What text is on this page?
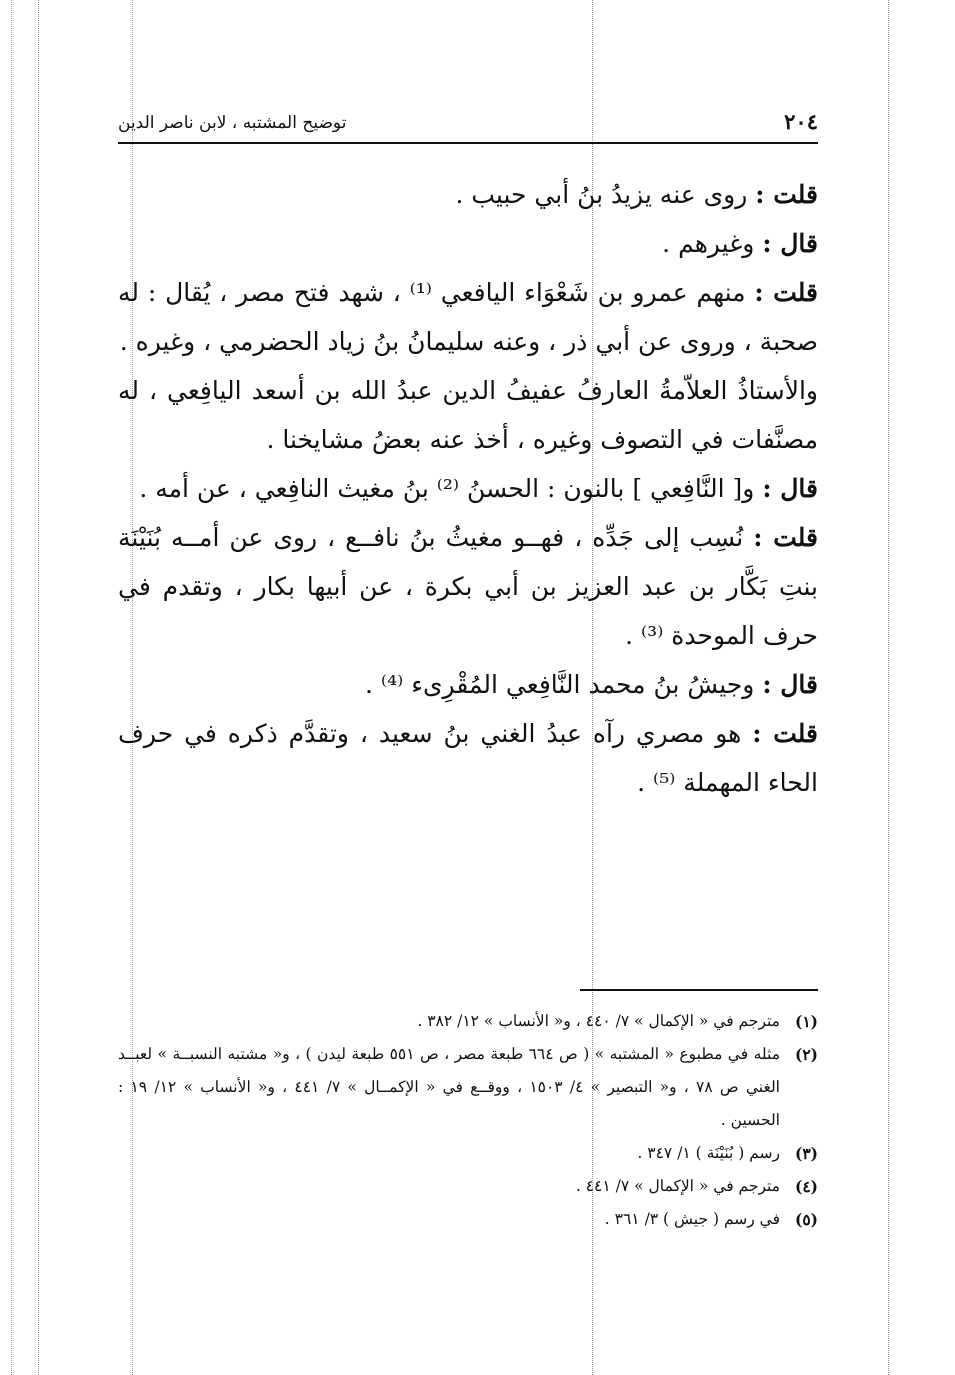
٢٠٤
توضيح المشتبه ، لابن ناصر الدين

قلت : روى عنه يزيدُ بنُ أبي حبيب .

قال : وغيرهم .

قلت : منهم عمرو بن شَعْوَاء اليافعي ⁽¹⁾ ، شهد فتح مصر ، يُقال : له صحبة ، وروى عن أبي ذر ، وعنه سليمانُ بنُ زياد الحضرمي ، وغيره .

والأستاذُ العلاّمةُ العارفُ عفيفُ الدين عبدُ الله بن أسعد اليافِعي ، له مصنَّفات في التصوف وغيره ، أخذ عنه بعضُ مشايخنا .

قال : و[ النَّافِعي ] بالنون : الحسنُ ⁽²⁾ بنُ مغيث النافِعي ، عن أمه .

قلت : نُسِب إلى جَدِّه ، فهــو مغيثُ بنُ نافــع ، روى عن أمــه بُنَيْنَة بنتِ بَكَّار بن عبد العزيز بن أبي بكرة ، عن أبيها بكار ، وتقدم في حرف الموحدة ⁽³⁾ .

قال : وجيشُ بنُ محمد النَّافِعي المُقْرِىء ⁽⁴⁾ .

قلت : هو مصري رآه عبدُ الغني بنُ سعيد ، وتقدَّم ذكره في حرف الحاء المهملة ⁽⁵⁾ .

(١)
مترجم في « الإكمال » ٧/ ٤٤٠ ، و« الأنساب » ١٢/ ٣٨٢ .

(٢)
مثله في مطبوع « المشتبه » ( ص ٦٦٤ طبعة مصر ، ص ٥٥١ طبعة ليدن ) ، و« مشتبه النسبــة » لعبــد الغني ص ٧٨ ، و« التبصير » ٤/ ١٥٠٣ ، ووقــع في « الإكمــال » ٧/ ٤٤١ ، و« الأنساب » ١٢/ ١٩ : الحسين .

(٣)
رسم ( بُنَيْنَة ) ١/ ٣٤٧ .

(٤)
مترجم في « الإكمال » ٧/ ٤٤١ .

(٥)
في رسم ( جيش ) ٣/ ٣٦١ .
